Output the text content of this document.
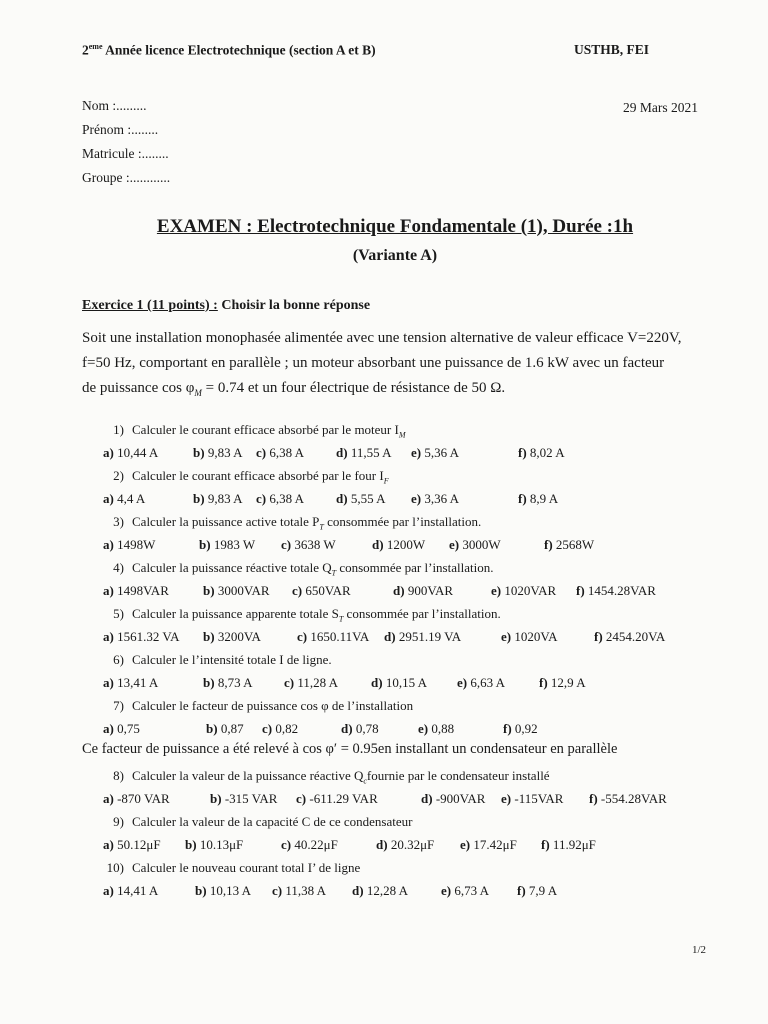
2eme Année licence Electrotechnique (section A et B)	USTHB, FEI
Nom :.........
Prénom :........
Matricule :........
Groupe :............
29 Mars 2021
EXAMEN : Electrotechnique Fondamentale (1), Durée :1h
(Variante A)
Exercice 1 (11 points) : Choisir la bonne réponse
Soit une installation monophasée alimentée avec une tension alternative de valeur efficace V=220V,
f=50 Hz, comportant en parallèle ; un moteur absorbant une puissance de 1.6 kW avec un facteur
de puissance $\cos \varphi_M = 0.74$ et un four électrique de résistance de 50 Ω.
1) Calculer le courant efficace absorbé par le moteur $I_M$
a) 10,44 A	b) 9,83 A c) 6,38 A d) 11,55 A e) 5,36 A	f) 8,02 A
2) Calculer le courant efficace absorbé par le four $I_F$
a) 4,4 A	b) 9,83 A c) 6,38 A d) 5,55 A e) 3,36 A	f) 8,9 A
3) Calculer la puissance active totale $P_T$ consommée par l’installation.
a) 1498W	b) 1983 W c) 3638 W	d) 1200W e) 3000W	f) 2568W
4) Calculer la puissance réactive totale $Q_T$ consommée par l’installation.
a) 1498VAR	b) 3000VAR c) 650VAR	d) 900VAR	e) 1020VAR f) 1454.28VAR
5) Calculer la puissance apparente totale $S_T$ consommée par l’installation.
a) 1561.32 VA b) 3200VA	c) 1650.11VA d) 2951.19 VA	e) 1020VA	f) 2454.20VA
6) Calculer le l’intensité totale I de ligne.
a) 13,41 A	b) 8,73 A c) 11,28 A	d) 10,15 A e) 6,63 A	f) 12,9 A
7) Calculer le facteur de puissance cos φ de l’installation
a) 0,75	b) 0,87 c) 0,82	d) 0,78	e) 0,88	f) 0,92
8) Calculer la valeur de la puissance réactive $Q_cfournie$ par le condensateur installé
a) -870 VAR	b) -315 VAR c) -611.29 VAR	d) -900VAR e) -115VAR f) -554.28VAR
9) Calculer la valeur de la capacité C de ce condensateur
a) 50.12μF b) 10.13μF	c) 40.22μF	d) 20.32μF e) 17.42μF f) 11.92μF
10) Calculer le nouveau courant total I’ de ligne
a) 14,41 A	b) 10,13 A c) 11,38 A d) 12,28 A	e) 6,73 A f) 7,9 A
Ce facteur de puissance a été relevé à cos φ′ = 0.95en installant un condensateur en parallèle
1/2
